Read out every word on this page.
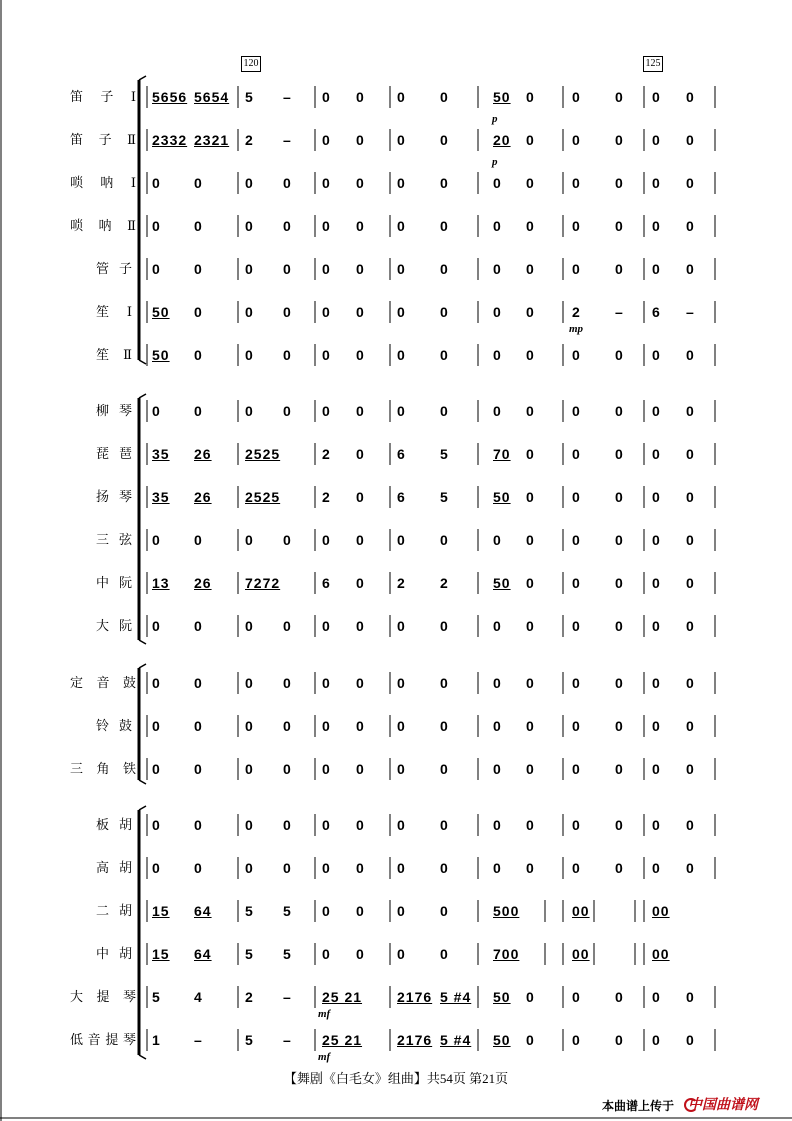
笛子Ⅰ 5656 5654 5 – 0 0 0 0	50 0	0 0 0 0
笛子Ⅱ 2332 2321 2 – 0 0 0 0	20 0	0 0 0 0
唢呐Ⅰ 0 0	0 0 0 0 0 0	0 0	0 0 0 0
唢呐Ⅱ 0 0	0 0 0 0 0 0	0 0	0 0 0 0
管子 0 0	0 0 0 0 0 0	0 0	0 0 0 0
笙Ⅰ 50 0	0 0 0 0 0 0	0 0	2 – 6 –
笙Ⅱ 50 0	0 0 0 0 0 0	0 0	0 0 0 0
柳琴 0 0	0 0 0 0 0 0	0 0	0 0 0 0
琵琶 35 26 2525	2 0 6 5	70 0	0 0 0 0
扬琴 35 26 2525	2 0 6 5	50 0	0 0 0 0
三弦 0 0	0 0 0 0 0 0	0 0	0 0 0 0
中阮 13 26 7272	6 0 2 2	50 0	0 0 0 0
大阮 0 0	0 0 0 0 0 0	0 0	0 0 0 0
定音鼓 0 0	0 0 0 0 0 0	0 0	0 0 0 0
铃鼓 0 0	0 0 0 0 0 0	0 0	0 0 0 0
三角铁 0 0	0 0 0 0 0 0	0 0	0 0 0 0
板胡 0 0	0 0 0 0 0 0	0 0	0 0 0 0
高胡 0 0	0 0 0 0 0 0	0 0	0 0 0 0
二胡 15 64 5 5 0 0 0 0	500	00	00
中胡 15 64 5 5 0 0 0 0	700	00	00
大提琴 5 4	2 – 25 21 2176 5 #4 50 0	0 0 0 0
低音提琴 1 –	5 – 25 21 2176 5 #4 50 0	0 0 0 0
p
p
mp
mf
mf
120	125
【舞剧《白毛女》组曲】共54页 第21页
本曲谱上传于 中国曲谱网
